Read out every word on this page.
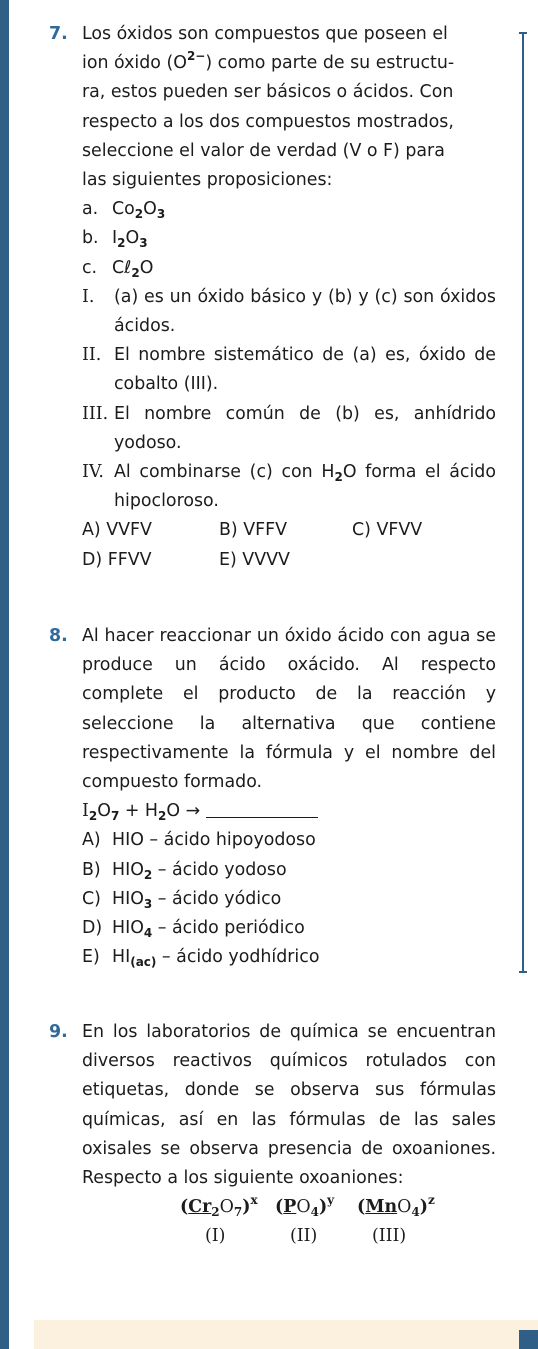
7. Los óxidos son compuestos que poseen el
ion óxido $(O^{2-})$ como parte de su estructu-
ra, estos pueden ser básicos o ácidos. Con
respecto a los dos compuestos mostrados,
seleccione el valor de verdad (V o F) para
las siguientes proposiciones:
a. $Co_2O_3$
b. $I_2O_3$
c. Cℓ$_2$O
I. (a) es un óxido básico y (b) y (c) son óxidos ácidos.
II. El nombre sistemático de (a) es, óxido de cobalto (III).
III. El nombre común de (b) es, anhídrido yodoso.
IV. Al combinarse (c) con $H_2O$ forma el ácido hipocloroso.
A) VVFV	B) VFFV	C) VFVV
D) FFVV	E) VVVV
8. Al hacer reaccionar un óxido ácido con agua se produce un ácido oxácido. Al respecto complete el producto de la reacción y seleccione la alternativa que contiene respectivamente la fórmula y el nombre del compuesto formado.
$I_2O_7 + H_2O$ →
A) HIO – ácido hipoyodoso
B) $HIO_2$ – ácido yodoso
C) $HIO_3$ – ácido yódico
D) $HIO_4$ – ácido periódico
E) $HI_{(ac)}$ – ácido yodhídrico
9. En los laboratorios de química se encuentran diversos reactivos químicos rotulados con etiquetas, donde se observa sus fórmulas químicas, así en las fórmulas de las sales oxisales se observa presencia de oxoaniones. Respecto a los siguiente oxoaniones:
$(Cr_2O_7)^x$ $(PO_4)^y$ $(MnO_4)^z$
(I)	(II)	(III)
